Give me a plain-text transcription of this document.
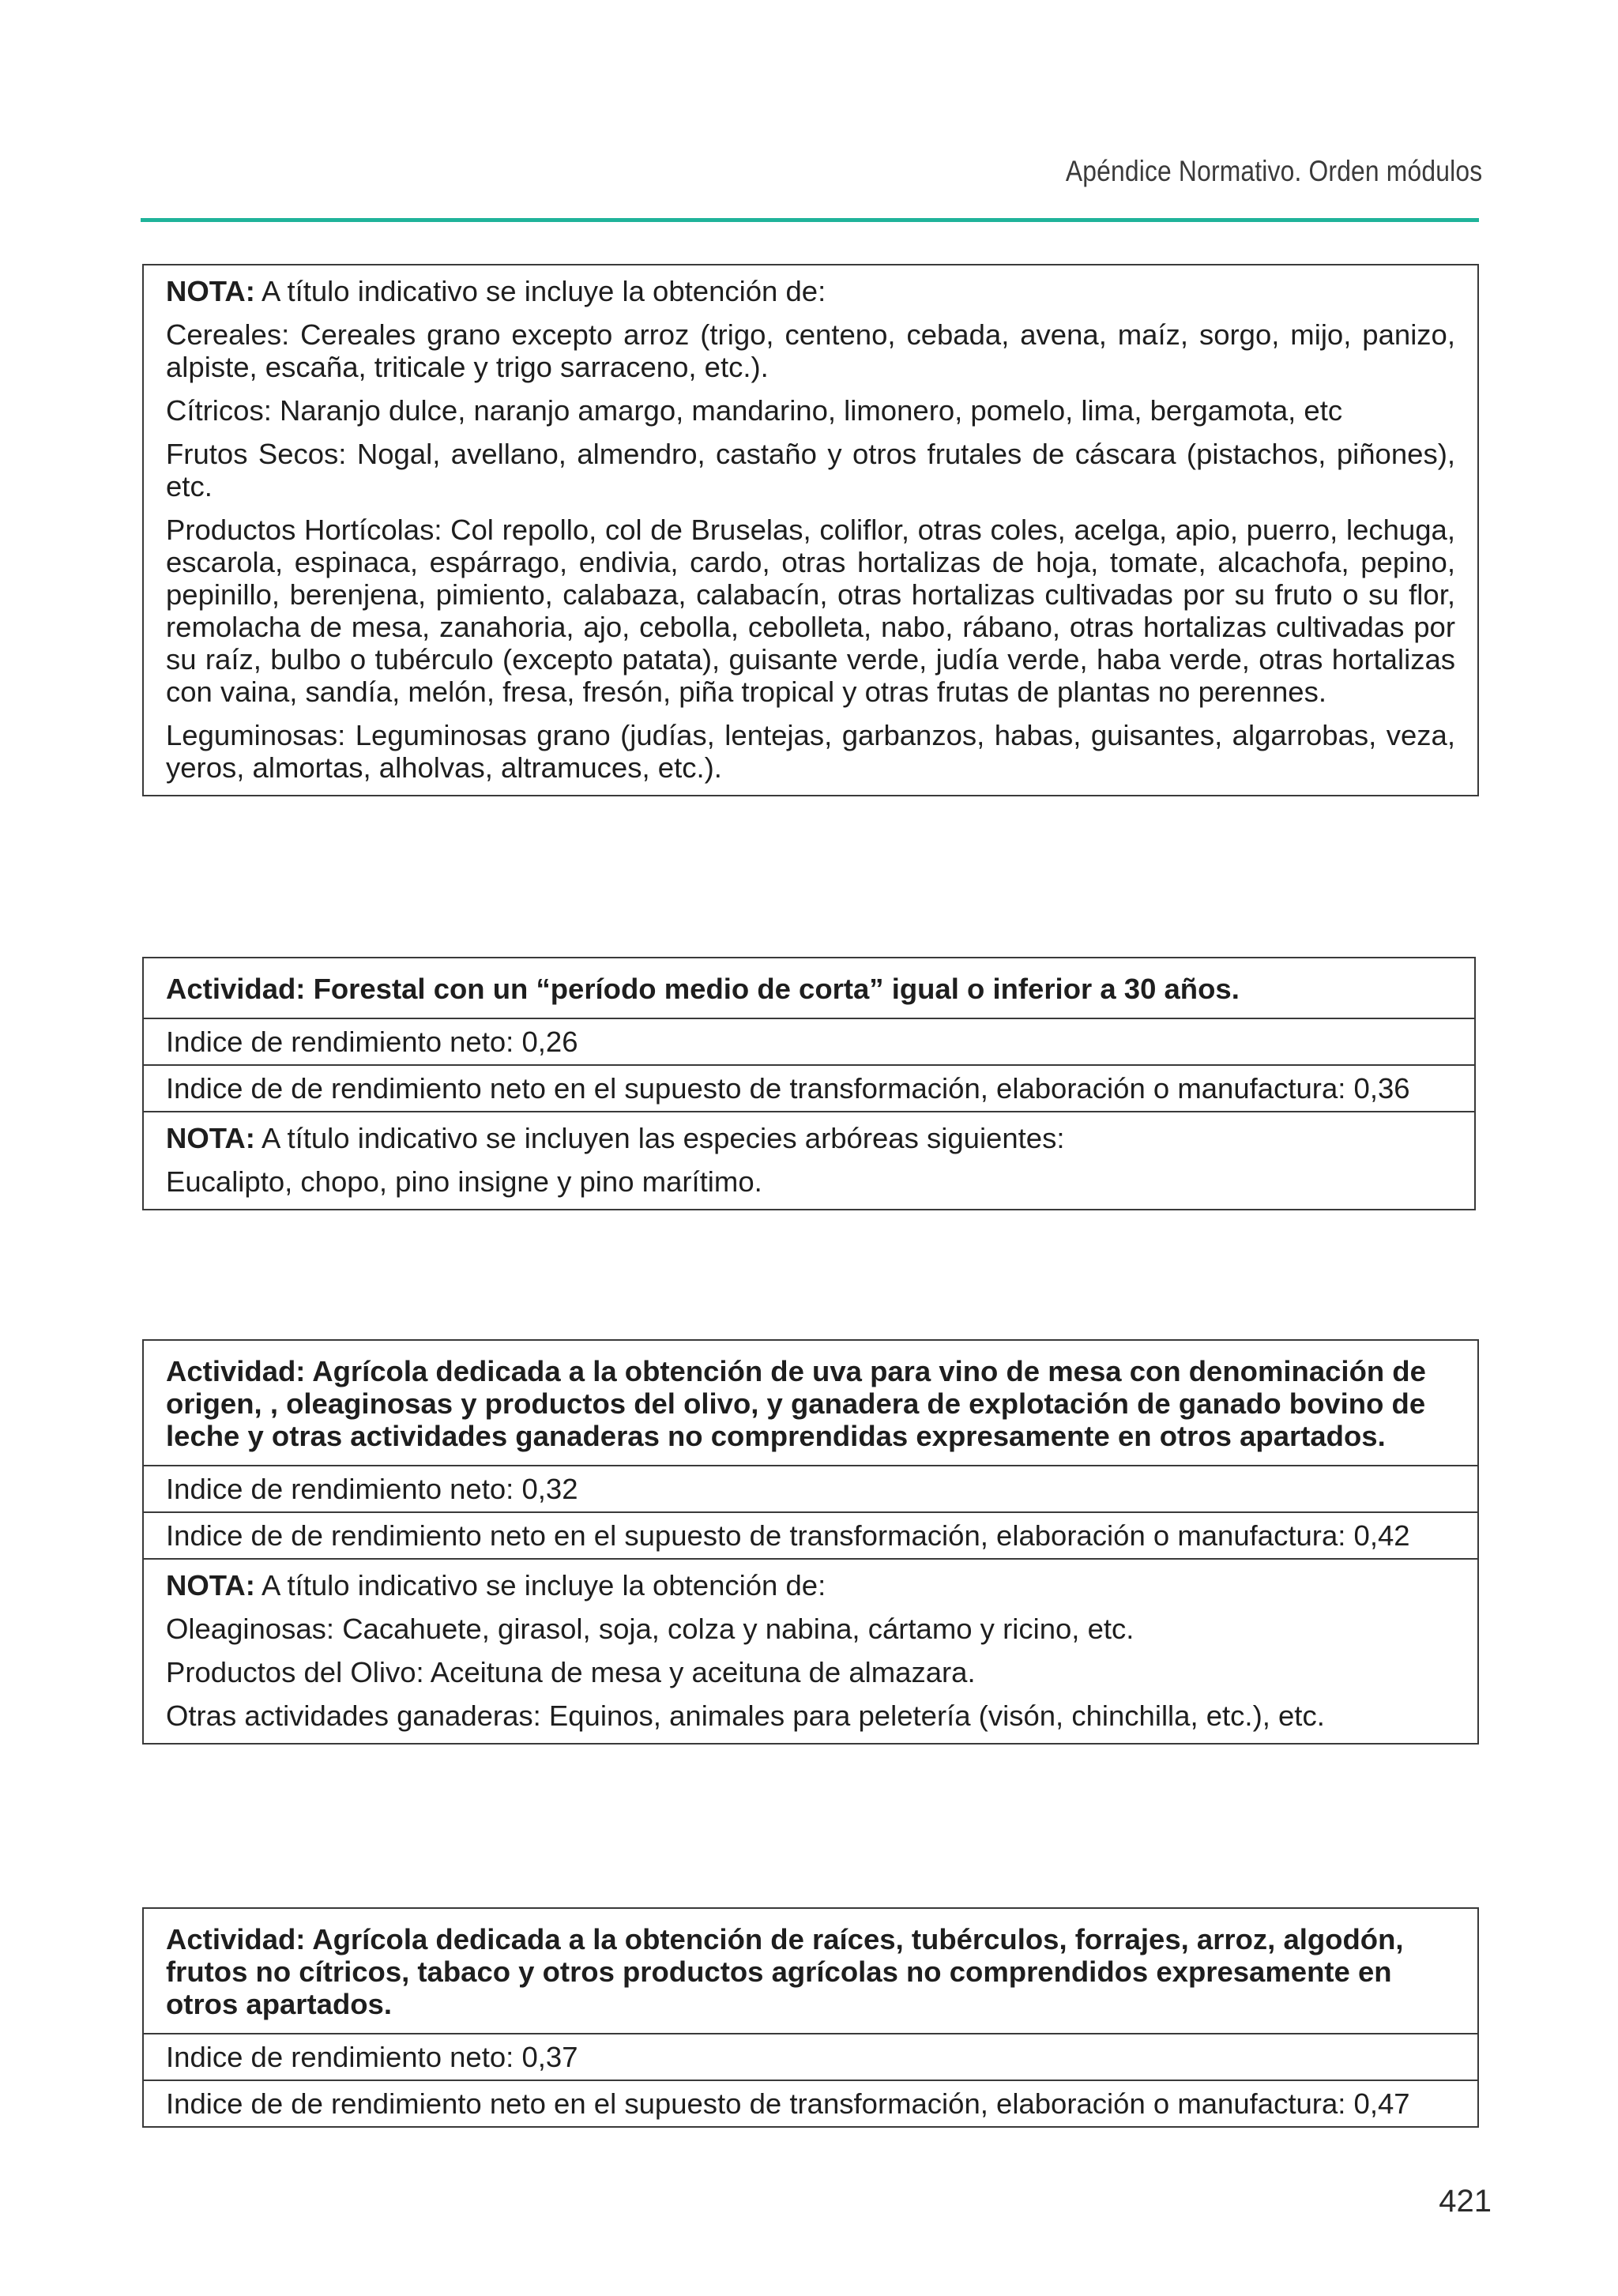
Apéndice Normativo. Orden módulos

NOTA: A título indicativo se incluye la obtención de:

Cereales: Cereales grano excepto arroz (trigo, centeno, cebada, avena, maíz, sorgo, mijo, panizo, alpiste, escaña, triticale y trigo sarraceno, etc.).

Cítricos: Naranjo dulce, naranjo amargo, mandarino, limonero, pomelo, lima, bergamota, etc

Frutos Secos: Nogal, avellano, almendro, castaño y otros frutales de cáscara (pistachos, piñones), etc.

Productos Hortícolas: Col repollo, col de Bruselas, coliflor, otras coles, acelga, apio, puerro, lechuga, escarola, espinaca, espárrago, endivia, cardo, otras hortalizas de hoja, tomate, alcachofa, pepino, pepinillo, berenjena, pimiento, calabaza, calabacín, otras hortalizas cultivadas por su fruto o su flor, remolacha de mesa, zanahoria, ajo, cebolla, cebolleta, nabo, rábano, otras hortalizas cultivadas por su raíz, bulbo o tubérculo (excepto patata), guisante verde, judía verde, haba verde, otras hortalizas con vaina, sandía, melón, fresa, fresón, piña tropical y otras frutas de plantas no perennes.

Leguminosas: Leguminosas grano (judías, lentejas, garbanzos, habas, guisantes, algarrobas, veza, yeros, almortas, alholvas, altramuces, etc.).

Actividad: Forestal con un “período medio de corta” igual o inferior a 30 años.
Indice de rendimiento neto: 0,26
Indice de de rendimiento neto en el supuesto de transformación, elaboración o manufactura: 0,36

NOTA: A título indicativo se incluyen las especies arbóreas siguientes:

Eucalipto, chopo, pino insigne y pino marítimo.

Actividad: Agrícola dedicada a la obtención de uva para vino de mesa con denominación de origen, , oleaginosas y productos del olivo, y ganadera de explotación de ganado bovino de leche y otras actividades ganaderas no comprendidas expresamente en otros apartados.
Indice de rendimiento neto: 0,32
Indice de de rendimiento neto en el supuesto de transformación, elaboración o manufactura: 0,42

NOTA: A título indicativo se incluye la obtención de:

Oleaginosas: Cacahuete, girasol, soja, colza y nabina, cártamo y ricino, etc.

Productos del Olivo: Aceituna de mesa y aceituna de almazara.

Otras actividades ganaderas: Equinos, animales para peletería (visón, chinchilla, etc.), etc.

Actividad: Agrícola dedicada a la obtención de raíces, tubérculos, forrajes, arroz, algodón, frutos no cítricos, tabaco y otros productos agrícolas no comprendidos expresamente en otros apartados.
Indice de rendimiento neto: 0,37
Indice de de rendimiento neto en el supuesto de transformación, elaboración o manufactura: 0,47
421
